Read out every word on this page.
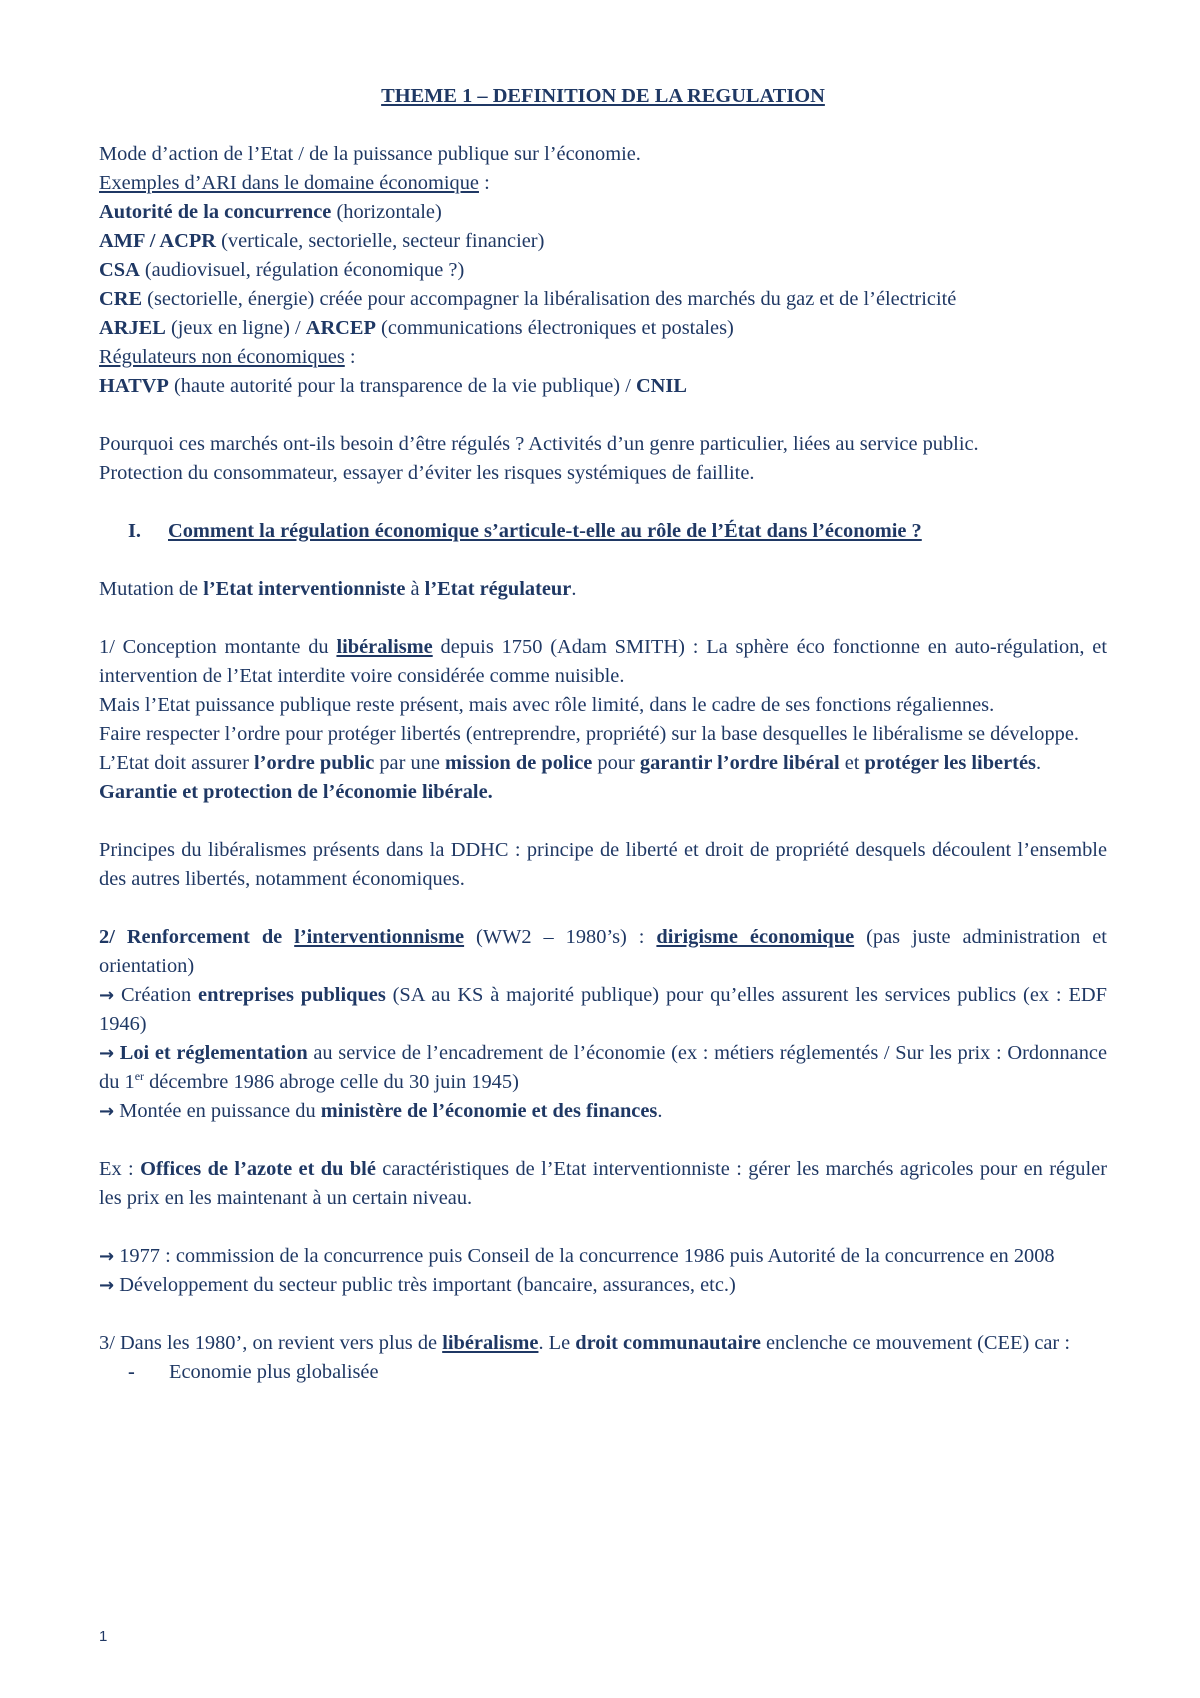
THEME 1 – DEFINITION DE LA REGULATION

Mode d’action de l’Etat / de la puissance publique sur l’économie.

Exemples d’ARI dans le domaine économique :

Autorité de la concurrence (horizontale)

AMF / ACPR (verticale, sectorielle, secteur financier)

CSA (audiovisuel, régulation économique ?)

CRE (sectorielle, énergie) créée pour accompagner la libéralisation des marchés du gaz et de l’électricité

ARJEL (jeux en ligne) / ARCEP (communications électroniques et postales)

Régulateurs non économiques :

HATVP (haute autorité pour la transparence de la vie publique) / CNIL

Pourquoi ces marchés ont-ils besoin d’être régulés ? Activités d’un genre particulier, liées au service public.

Protection du consommateur, essayer d’éviter les risques systémiques de faillite.

I.	Comment la régulation économique s’articule-t-elle au rôle de l’État dans l’économie ?

Mutation de l’Etat interventionniste à l’Etat régulateur.

1/ Conception montante du libéralisme depuis 1750 (Adam SMITH) : La sphère éco fonctionne en auto-régulation, et intervention de l’Etat interdite voire considérée comme nuisible.

Mais l’Etat puissance publique reste présent, mais avec rôle limité, dans le cadre de ses fonctions régaliennes.

Faire respecter l’ordre pour protéger libertés (entreprendre, propriété) sur la base desquelles le libéralisme se développe.

L’Etat doit assurer l’ordre public par une mission de police pour garantir l’ordre libéral et protéger les libertés.

Garantie et protection de l’économie libérale.

Principes du libéralismes présents dans la DDHC : principe de liberté et droit de propriété desquels découlent l’ensemble des autres libertés, notamment économiques.

2/ Renforcement de l’interventionnisme (WW2 – 1980’s) : dirigisme économique (pas juste administration et orientation)

→ Création entreprises publiques (SA au KS à majorité publique) pour qu’elles assurent les services publics (ex : EDF 1946)

→ Loi et réglementation au service de l’encadrement de l’économie (ex : métiers réglementés / Sur les prix : Ordonnance du 1er décembre 1986 abroge celle du 30 juin 1945)

→ Montée en puissance du ministère de l’économie et des finances.

Ex : Offices de l’azote et du blé caractéristiques de l’Etat interventionniste : gérer les marchés agricoles pour en réguler les prix en les maintenant à un certain niveau.

→ 1977 : commission de la concurrence puis Conseil de la concurrence 1986 puis Autorité de la concurrence en 2008

→ Développement du secteur public très important (bancaire, assurances, etc.)

3/ Dans les 1980’, on revient vers plus de libéralisme. Le droit communautaire enclenche ce mouvement (CEE) car :

-	Economie plus globalisée
1
